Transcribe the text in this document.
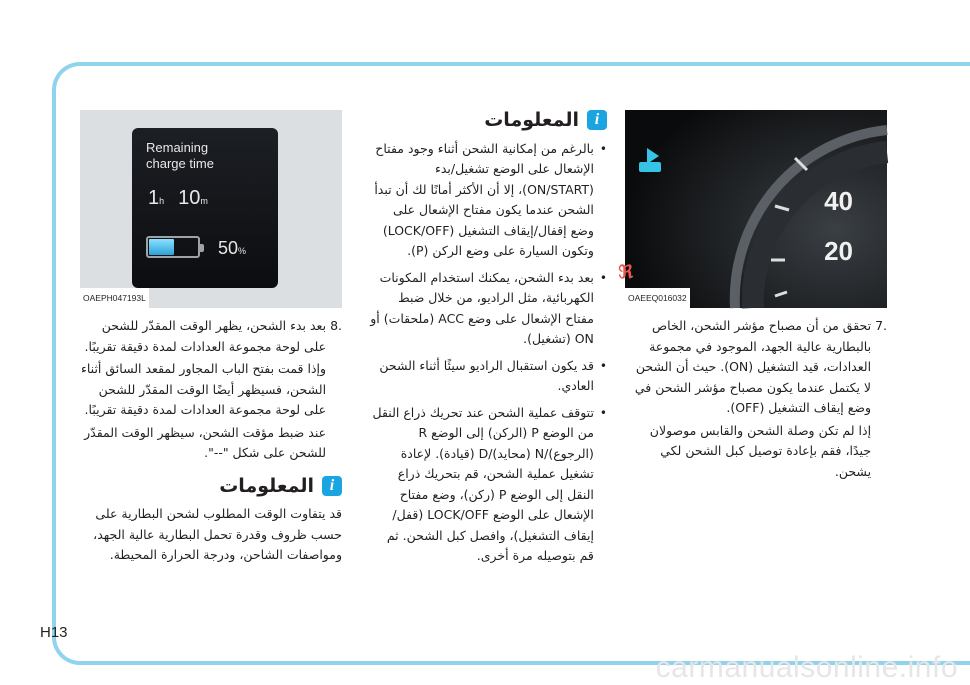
40
20
ℜ
OAEEQ016032
.7
تحقق من أن مصباح مؤشر الشحن، الخاص بالبطارية عالية الجهد، الموجود في مجموعة العدادات، قيد التشغيل (ON). حيث أن الشحن لا يكتمل عندما يكون مصباح مؤشر الشحن في وضع إيقاف التشغيل (OFF).
إذا لم تكن وصلة الشحن والقابس موصولان جيدًا، فقم بإعادة توصيل كبل الشحن لكي يشحن.
i
المعلومات
•
بالرغم من إمكانية الشحن أثناء وجود مفتاح الإشعال على الوضع تشغيل/بدء (ON/START)، إلا أن الأكثر أمانًا لك أن تبدأ الشحن عندما يكون مفتاح الإشعال على وضع إقفال/إيقاف التشغيل (LOCK/OFF) وتكون السيارة على وضع الركن (P).
•
بعد بدء الشحن، يمكنك استخدام المكونات الكهربائية، مثل الراديو، من خلال ضبط مفتاح الإشعال على وضع ACC (ملحقات) أو ON (تشغيل).
•
قد يكون استقبال الراديو سيئًا أثناء الشحن العادي.
•
تتوقف عملية الشحن عند تحريك ذراع النقل من الوضع P (الركن) إلى الوضع R (الرجوع)/N (محايد)/D (قيادة). لإعادة تشغيل عملية الشحن، قم بتحريك ذراع النقل إلى الوضع P (ركن)، وضع مفتاح الإشعال على الوضع LOCK/OFF (قفل/إيقاف التشغيل)، وافصل كبل الشحن. ثم قم بتوصيله مرة أخرى.
Remaining
charge time
1h 10m
50%
OAEPH047193L
.8
بعد بدء الشحن، يظهر الوقت المقدّر للشحن على لوحة مجموعة العدادات لمدة دقيقة تقريبًا.
وإذا قمت بفتح الباب المجاور لمقعد السائق أثناء الشحن، فسيظهر أيضًا الوقت المقدّر للشحن على لوحة مجموعة العدادات لمدة دقيقة تقريبًا.
عند ضبط مؤقت الشحن، سيظهر الوقت المقدّر للشحن على شكل "--".
i
المعلومات
قد يتفاوت الوقت المطلوب لشحن البطارية على حسب ظروف وقدرة تحمل البطارية عالية الجهد، ومواصفات الشاحن، ودرجة الحرارة المحيطة.
H13
carmanualsonline.info
